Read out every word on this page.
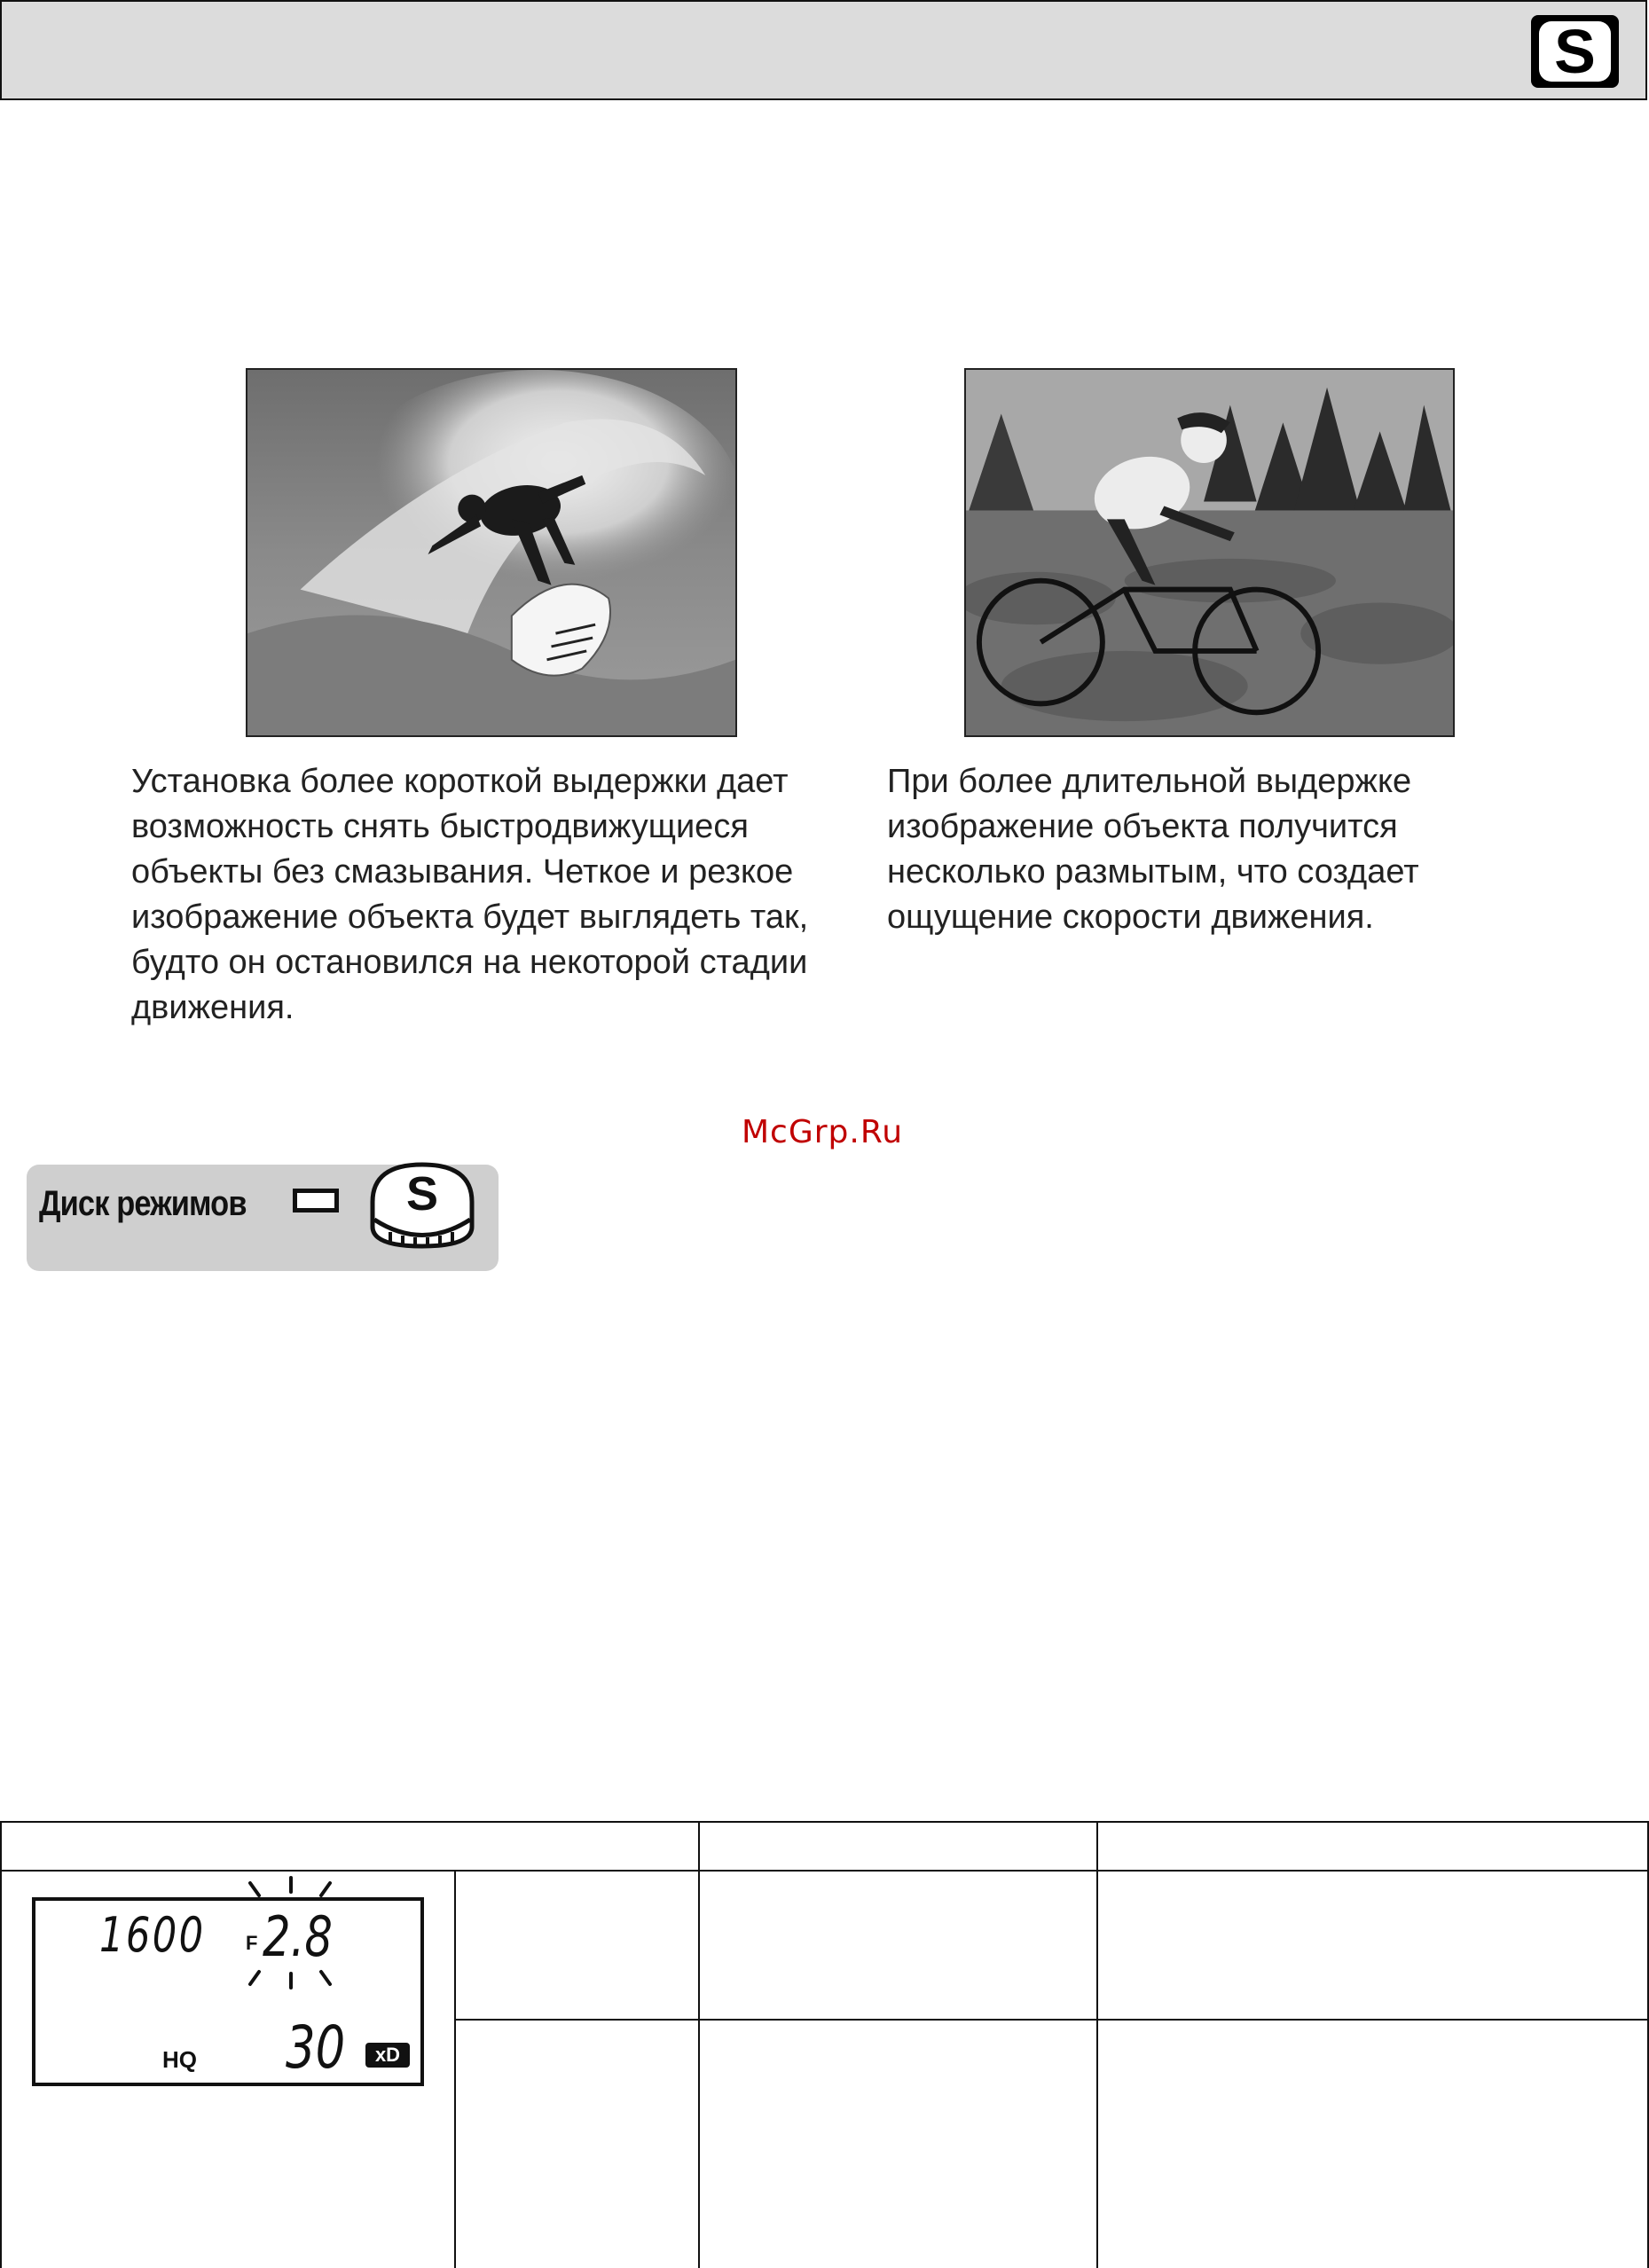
S

Установка более короткой выдержки дает возможность снять быстродвижущиеся объекты без смазывания. Четкое и резкое изображение объекта будет выглядеть так, будто он остановился на некоторой стадии движения.

При более длительной выдержке изображение объекта получится несколько размытым, что создает ощущение скорости движения.

McGrp.Ru
Диск режимов	S
1600 F 2.8
HQ 30	xD
